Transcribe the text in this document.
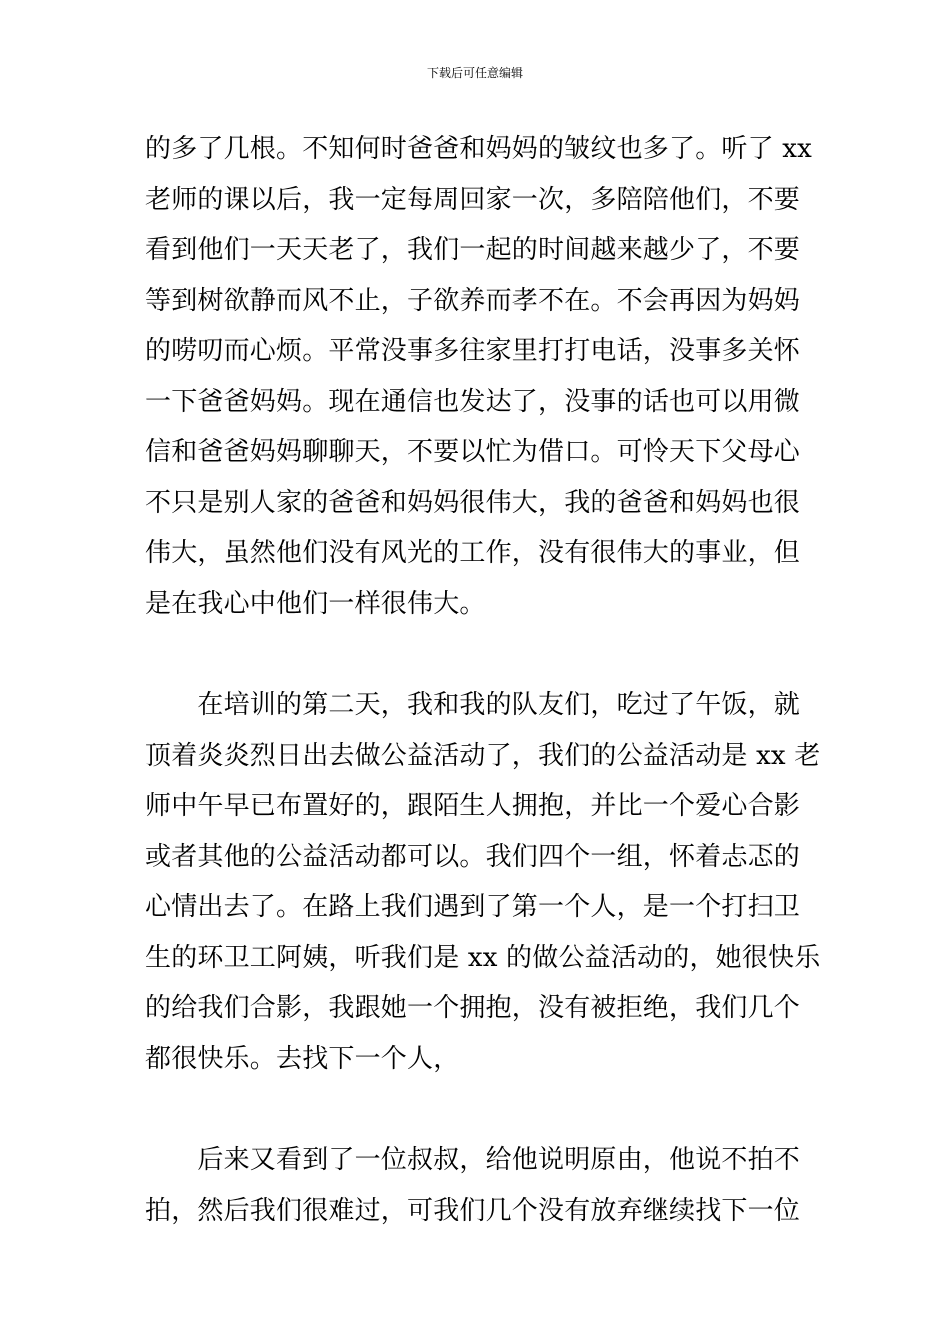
下载后可任意编辑
的多了几根。不知何时爸爸和妈妈的皱纹也多了。听了 xx
老师的课以后，我一定每周回家一次，多陪陪他们，不要
看到他们一天天老了，我们一起的时间越来越少了，不要
等到树欲静而风不止，子欲养而孝不在。不会再因为妈妈
的唠叨而心烦。平常没事多往家里打打电话，没事多关怀
一下爸爸妈妈。现在通信也发达了，没事的话也可以用微
信和爸爸妈妈聊聊天，不要以忙为借口。可怜天下父母心
不只是别人家的爸爸和妈妈很伟大，我的爸爸和妈妈也很
伟大，虽然他们没有风光的工作，没有很伟大的事业，但
是在我心中他们一样很伟大。
　　在培训的第二天，我和我的队友们，吃过了午饭，就
顶着炎炎烈日出去做公益活动了，我们的公益活动是 xx 老
师中午早已布置好的，跟陌生人拥抱，并比一个爱心合影
或者其他的公益活动都可以。我们四个一组，怀着忐忑的
心情出去了。在路上我们遇到了第一个人，是一个打扫卫
生的环卫工阿姨，听我们是 xx 的做公益活动的，她很快乐
的给我们合影，我跟她一个拥抱，没有被拒绝，我们几个
都很快乐。去找下一个人，
　　后来又看到了一位叔叔，给他说明原由，他说不拍不
拍，然后我们很难过，可我们几个没有放弃继续找下一位
